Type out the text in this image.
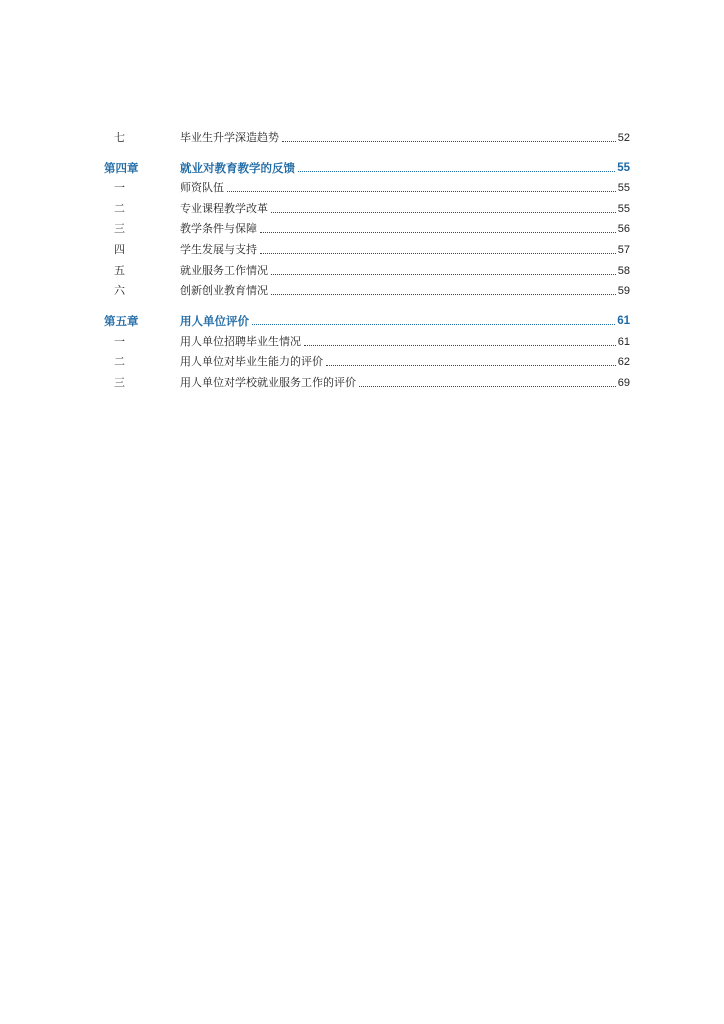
七	毕业生升学深造趋势	52
第四章	就业对教育教学的反馈	55
一	师资队伍	55
二	专业课程教学改革	55
三	教学条件与保障	56
四	学生发展与支持	57
五	就业服务工作情况	58
六	创新创业教育情况	59
第五章	用人单位评价	61
一	用人单位招聘毕业生情况	61
二	用人单位对毕业生能力的评价	62
三	用人单位对学校就业服务工作的评价	69
